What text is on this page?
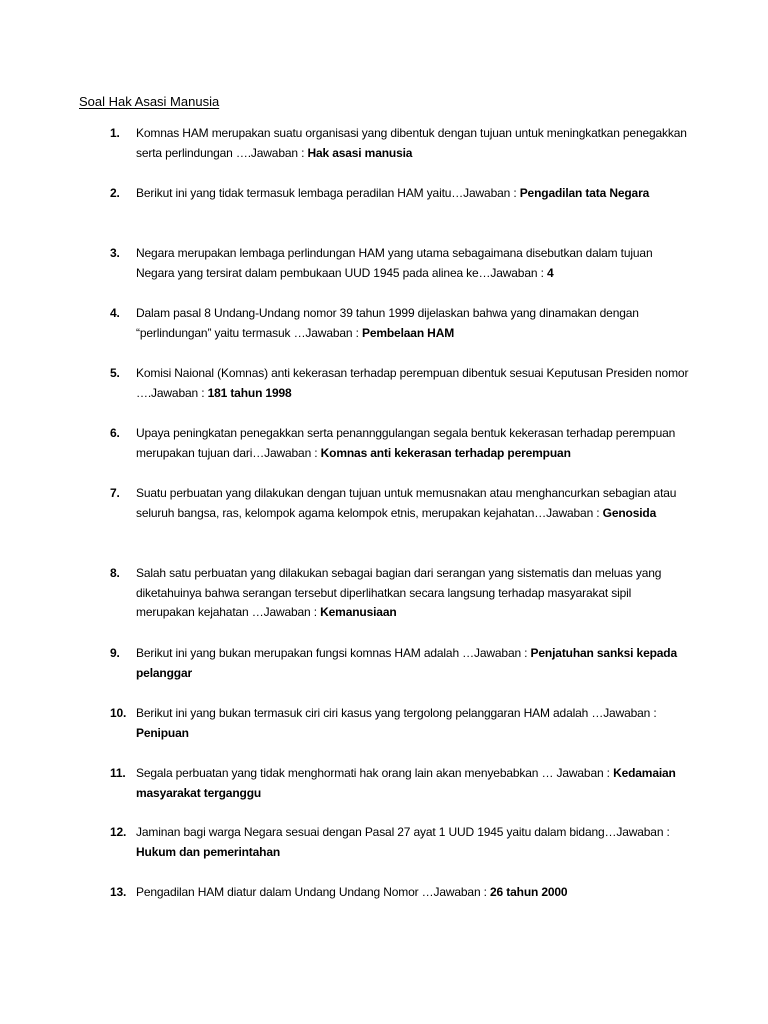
Soal Hak Asasi Manusia
1. Komnas HAM merupakan suatu organisasi yang dibentuk dengan tujuan untuk meningkatkan penegakkan serta perlindungan ….Jawaban : Hak asasi manusia
2. Berikut ini yang tidak termasuk lembaga peradilan HAM yaitu…Jawaban : Pengadilan tata Negara
3. Negara merupakan lembaga perlindungan HAM yang utama sebagaimana disebutkan dalam tujuan Negara yang tersirat dalam pembukaan UUD 1945 pada alinea ke…Jawaban : 4
4. Dalam pasal 8 Undang-Undang nomor 39 tahun 1999 dijelaskan bahwa yang dinamakan dengan “perlindungan” yaitu termasuk …Jawaban : Pembelaan HAM
5. Komisi Naional (Komnas) anti kekerasan terhadap perempuan dibentuk sesuai Keputusan Presiden nomor ….Jawaban : 181 tahun 1998
6. Upaya peningkatan penegakkan serta penannggulangan segala bentuk kekerasan terhadap perempuan merupakan tujuan dari…Jawaban : Komnas anti kekerasan terhadap perempuan
7. Suatu perbuatan yang dilakukan dengan tujuan untuk memusnakan atau menghancurkan sebagian atau seluruh bangsa, ras, kelompok agama kelompok etnis, merupakan kejahatan…Jawaban : Genosida
8. Salah satu perbuatan yang dilakukan sebagai bagian dari serangan yang sistematis dan meluas yang diketahuinya bahwa serangan tersebut diperlihatkan secara langsung terhadap masyarakat sipil merupakan kejahatan …Jawaban : Kemanusiaan
9. Berikut ini yang bukan merupakan fungsi komnas HAM adalah …Jawaban : Penjatuhan sanksi kepada pelanggar
10. Berikut ini yang bukan termasuk ciri ciri kasus yang tergolong pelanggaran HAM adalah …Jawaban : Penipuan
11. Segala perbuatan yang tidak menghormati hak orang lain akan menyebabkan … Jawaban : Kedamaian masyarakat terganggu
12. Jaminan bagi warga Negara sesuai dengan Pasal 27 ayat 1 UUD 1945 yaitu dalam bidang…Jawaban : Hukum dan pemerintahan
13. Pengadilan HAM diatur dalam Undang Undang Nomor …Jawaban : 26 tahun 2000
